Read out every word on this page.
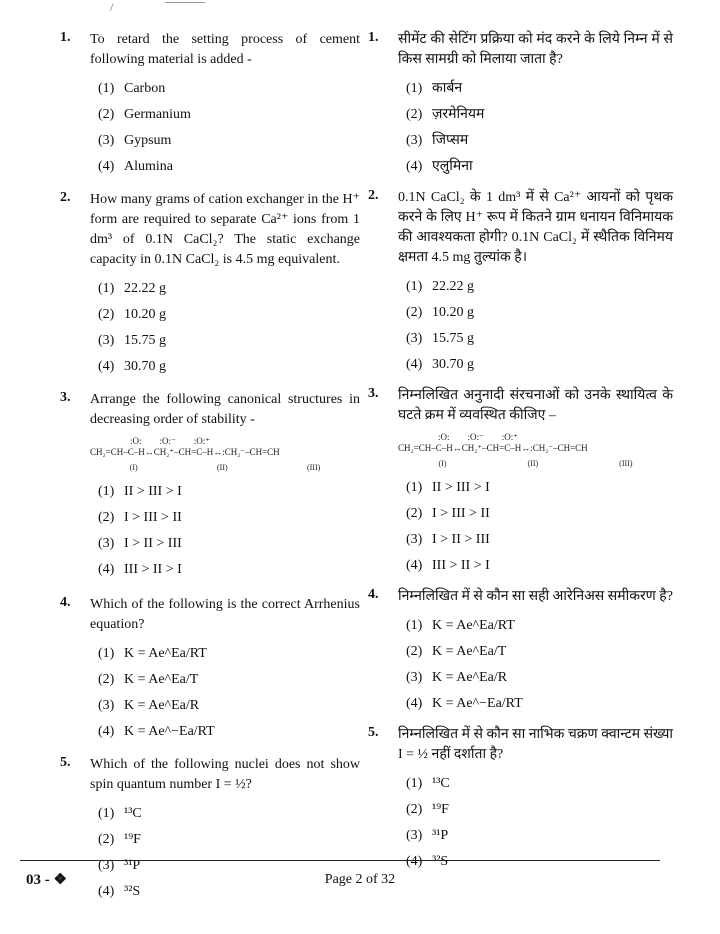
/
1. To retard the setting process of cement following material is added -
(1) Carbon
(2) Germanium
(3) Gypsum
(4) Alumina
2. How many grams of cation exchanger in the H⁺ form are required to separate Ca²⁺ ions from 1 dm³ of 0.1N CaCl₂? The static exchange capacity in 0.1N CaCl₂ is 4.5 mg equivalent.
(1) 22.22 g
(2) 10.20 g
(3) 15.75 g
(4) 30.70 g
3. Arrange the following canonical structures in decreasing order of stability -
:O:        :O:⁻        :O:⁺
CH₂=CH–C–H↔CH₂⁺–CH=C–H↔:CH₂⁻–CH=CH
(I)	(II)	(III)
(1) II > III > I
(2) I > III > II
(3) I > II > III
(4) III > II > I
4. Which of the following is the correct Arrhenius equation?
(1) K = Ae^Ea/RT
(2) K = Ae^Ea/T
(3) K = Ae^Ea/R
(4) K = Ae^−Ea/RT
5. Which of the following nuclei does not show spin quantum number I = ½?
(1) ¹³C
(2) ¹⁹F
(3) ³¹P
(4) ³²S
1. सीमेंट की सेटिंग प्रक्रिया को मंद करने के लिये निम्न में से किस सामग्री को मिलाया जाता है?
(1) कार्बन
(2) ज़रमेनियम
(3) जिप्सम
(4) एलुमिना
2. 0.1N CaCl₂ के 1 dm³ में से Ca²⁺ आयनों को पृथक करने के लिए H⁺ रूप में कितने ग्राम धनायन विनिमायक की आवश्यकता होगी? 0.1N CaCl₂ में स्थैतिक विनिमय क्षमता 4.5 mg तुल्यांक है।
(1) 22.22 g
(2) 10.20 g
(3) 15.75 g
(4) 30.70 g
3. निम्नलिखित अनुनादी संरचनाओं को उनके स्थायित्व के घटते क्रम में व्यवस्थित कीजिए –
:O:        :O:⁻        :O:⁺
CH₂=CH–C–H↔CH₂⁺–CH=C–H↔:CH₂⁻–CH=CH
(I)	(II)	(III)
(1) II > III > I
(2) I > III > II
(3) I > II > III
(4) III > II > I
4. निम्नलिखित में से कौन सा सही आरेनिअस समीकरण है?
(1) K = Ae^Ea/RT
(2) K = Ae^Ea/T
(3) K = Ae^Ea/R
(4) K = Ae^−Ea/RT
5. निम्नलिखित में से कौन सा नाभिक चक्रण क्वान्टम संख्या I = ½ नहीं दर्शाता है?
(1) ¹³C
(2) ¹⁹F
(3) ³¹P
(4) ³²S
03 - ❖	Page 2 of 32
